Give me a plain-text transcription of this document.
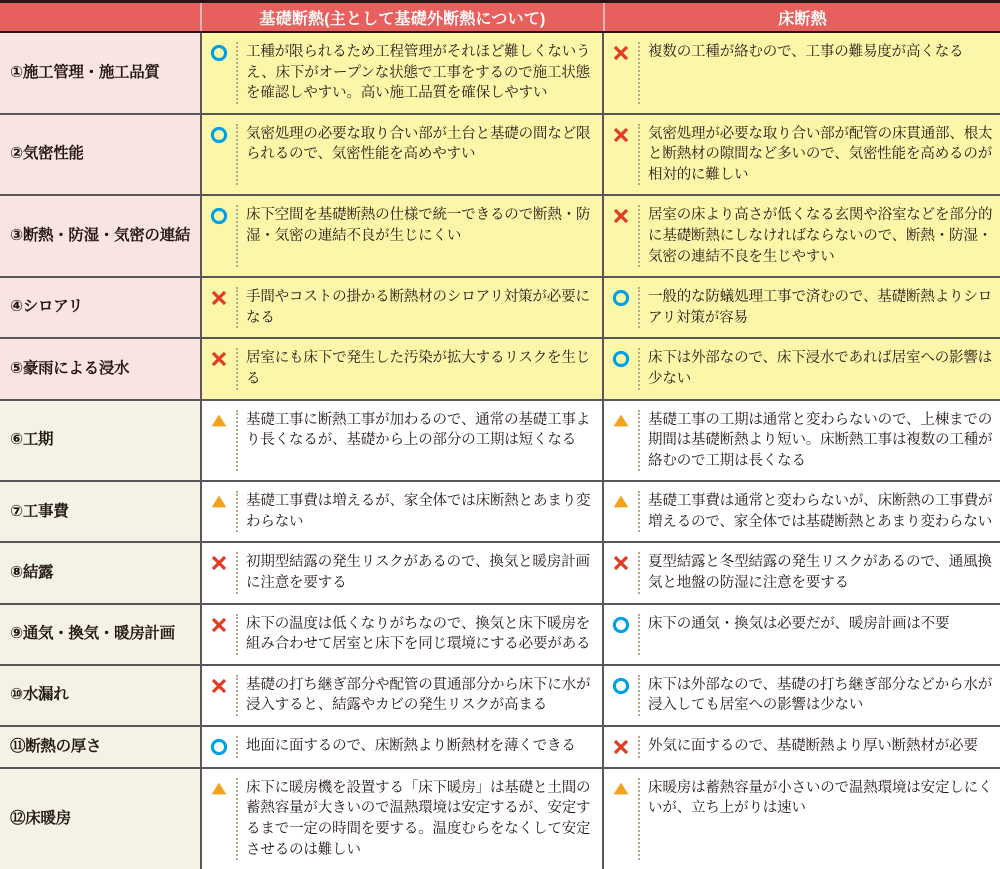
基礎断熱(主として基礎外断熱について)	床断熱
①施工管理・施工品質
工種が限られるため工程管理がそれほど難しくないうえ、床下がオープンな状態で工事をするので施工状態を確認しやすい。高い施工品質を確保しやすい
複数の工種が絡むので、工事の難易度が高くなる
②気密性能
気密処理の必要な取り合い部が土台と基礎の間など限られるので、気密性能を高めやすい
気密処理が必要な取り合い部が配管の床貫通部、根太と断熱材の隙間など多いので、気密性能を高めるのが相対的に難しい
③断熱・防湿・気密の連結
床下空間を基礎断熱の仕様で統一できるので断熱・防湿・気密の連結不良が生じにくい
居室の床より高さが低くなる玄関や浴室などを部分的に基礎断熱にしなければならないので、断熱・防湿・気密の連結不良を生じやすい
④シロアリ
手間やコストの掛かる断熱材のシロアリ対策が必要になる
一般的な防蟻処理工事で済むので、基礎断熱よりシロアリ対策が容易
⑤豪雨による浸水
居室にも床下で発生した汚染が拡大するリスクを生じる
床下は外部なので、床下浸水であれば居室への影響は少ない
⑥工期
基礎工事に断熱工事が加わるので、通常の基礎工事より長くなるが、基礎から上の部分の工期は短くなる
基礎工事の工期は通常と変わらないので、上棟までの期間は基礎断熱より短い。床断熱工事は複数の工種が絡むので工期は長くなる
⑦工事費
基礎工事費は増えるが、家全体では床断熱とあまり変わらない
基礎工事費は通常と変わらないが、床断熱の工事費が増えるので、家全体では基礎断熱とあまり変わらない
⑧結露
初期型結露の発生リスクがあるので、換気と暖房計画に注意を要する
夏型結露と冬型結露の発生リスクがあるので、通風換気と地盤の防湿に注意を要する
⑨通気・換気・暖房計画
床下の温度は低くなりがちなので、換気と床下暖房を組み合わせて居室と床下を同じ環境にする必要がある
床下の通気・換気は必要だが、暖房計画は不要
⑩水漏れ
基礎の打ち継ぎ部分や配管の貫通部分から床下に水が浸入すると、結露やカビの発生リスクが高まる
床下は外部なので、基礎の打ち継ぎ部分などから水が浸入しても居室への影響は少ない
⑪断熱の厚さ	地面に面するので、床断熱より断熱材を薄くできる	外気に面するので、基礎断熱より厚い断熱材が必要
⑫床暖房
床下に暖房機を設置する「床下暖房」は基礎と土間の蓄熱容量が大きいので温熱環境は安定するが、安定するまで一定の時間を要する。温度むらをなくして安定させるのは難しい
床暖房は蓄熱容量が小さいので温熱環境は安定しにくいが、立ち上がりは速い
